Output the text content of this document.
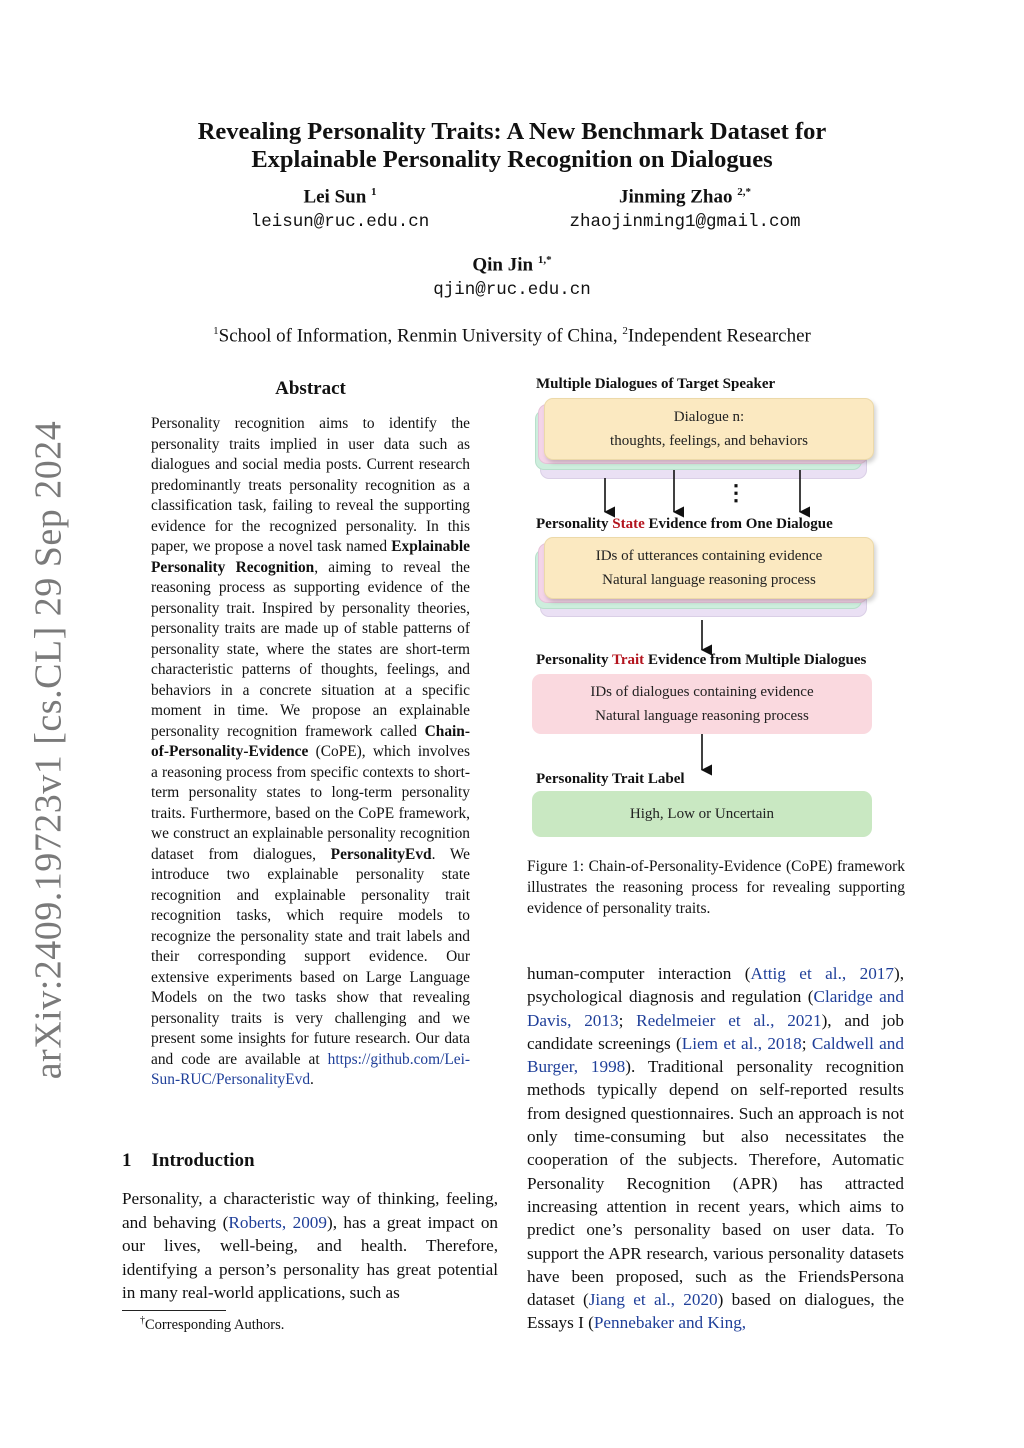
arXiv:2409.19723v1 [cs.CL] 29 Sep 2024
Revealing Personality Traits: A New Benchmark Dataset for
Explainable Personality Recognition on Dialogues
Lei Sun $^1$
leisun@ruc.edu.cn
Jinming Zhao $^{2,*}$
zhaojinming1@gmail.com
Qin Jin $^{1,*}$
qjin@ruc.edu.cn
$^1$School of Information, Renmin University of China, $^2$Independent Researcher
Abstract
Personality recognition aims to identify the personality traits implied in user data such as dialogues and social media posts. Current research predominantly treats personality recognition as a classification task, failing to reveal the supporting evidence for the recognized personality. In this paper, we propose a novel task named Explainable Personality Recognition, aiming to reveal the reasoning process as supporting evidence of the personality trait. Inspired by personality theories, personality traits are made up of stable patterns of personality state, where the states are short-term characteristic patterns of thoughts, feelings, and behaviors in a concrete situation at a specific moment in time. We propose an explainable personality recognition framework called Chain-of-Personality-Evidence (CoPE), which involves a reasoning process from specific contexts to short-term personality states to long-term personality traits. Furthermore, based on the CoPE framework, we construct an explainable personality recognition dataset from dialogues, PersonalityEvd. We introduce two explainable personality state recognition and explainable personality trait recognition tasks, which require models to recognize the personality state and trait labels and their corresponding support evidence. Our extensive experiments based on Large Language Models on the two tasks show that revealing personality traits is very challenging and we present some insights for future research. Our data and code are available at https://github.com/Lei-Sun-RUC/PersonalityEvd.
1 Introduction
Personality, a characteristic way of thinking, feeling, and behaving (Roberts, 2009), has a great impact on our lives, well-being, and health. Therefore, identifying a person’s personality has great potential in many real-world applications, such as
†Corresponding Authors.
Multiple Dialogues of Target Speaker
Dialogue n:
thoughts, feelings, and behaviors
⋮
Personality State Evidence from One Dialogue
IDs of utterances containing evidence
Natural language reasoning process
Personality Trait Evidence from Multiple Dialogues
IDs of dialogues containing evidence
Natural language reasoning process
Personality Trait Label
High, Low or Uncertain
Figure 1: Chain-of-Personality-Evidence (CoPE) framework illustrates the reasoning process for revealing supporting evidence of personality traits.
human-computer interaction (Attig et al., 2017), psychological diagnosis and regulation (Claridge and Davis, 2013; Redelmeier et al., 2021), and job candidate screenings (Liem et al., 2018; Caldwell and Burger, 1998). Traditional personality recognition methods typically depend on self-reported results from designed questionnaires. Such an approach is not only time-consuming but also necessitates the cooperation of the subjects. Therefore, Automatic Personality Recognition (APR) has attracted increasing attention in recent years, which aims to predict one’s personality based on user data. To support the APR research, various personality datasets have been proposed, such as the FriendsPersona dataset (Jiang et al., 2020) based on dialogues, the Essays I (Pennebaker and King,
